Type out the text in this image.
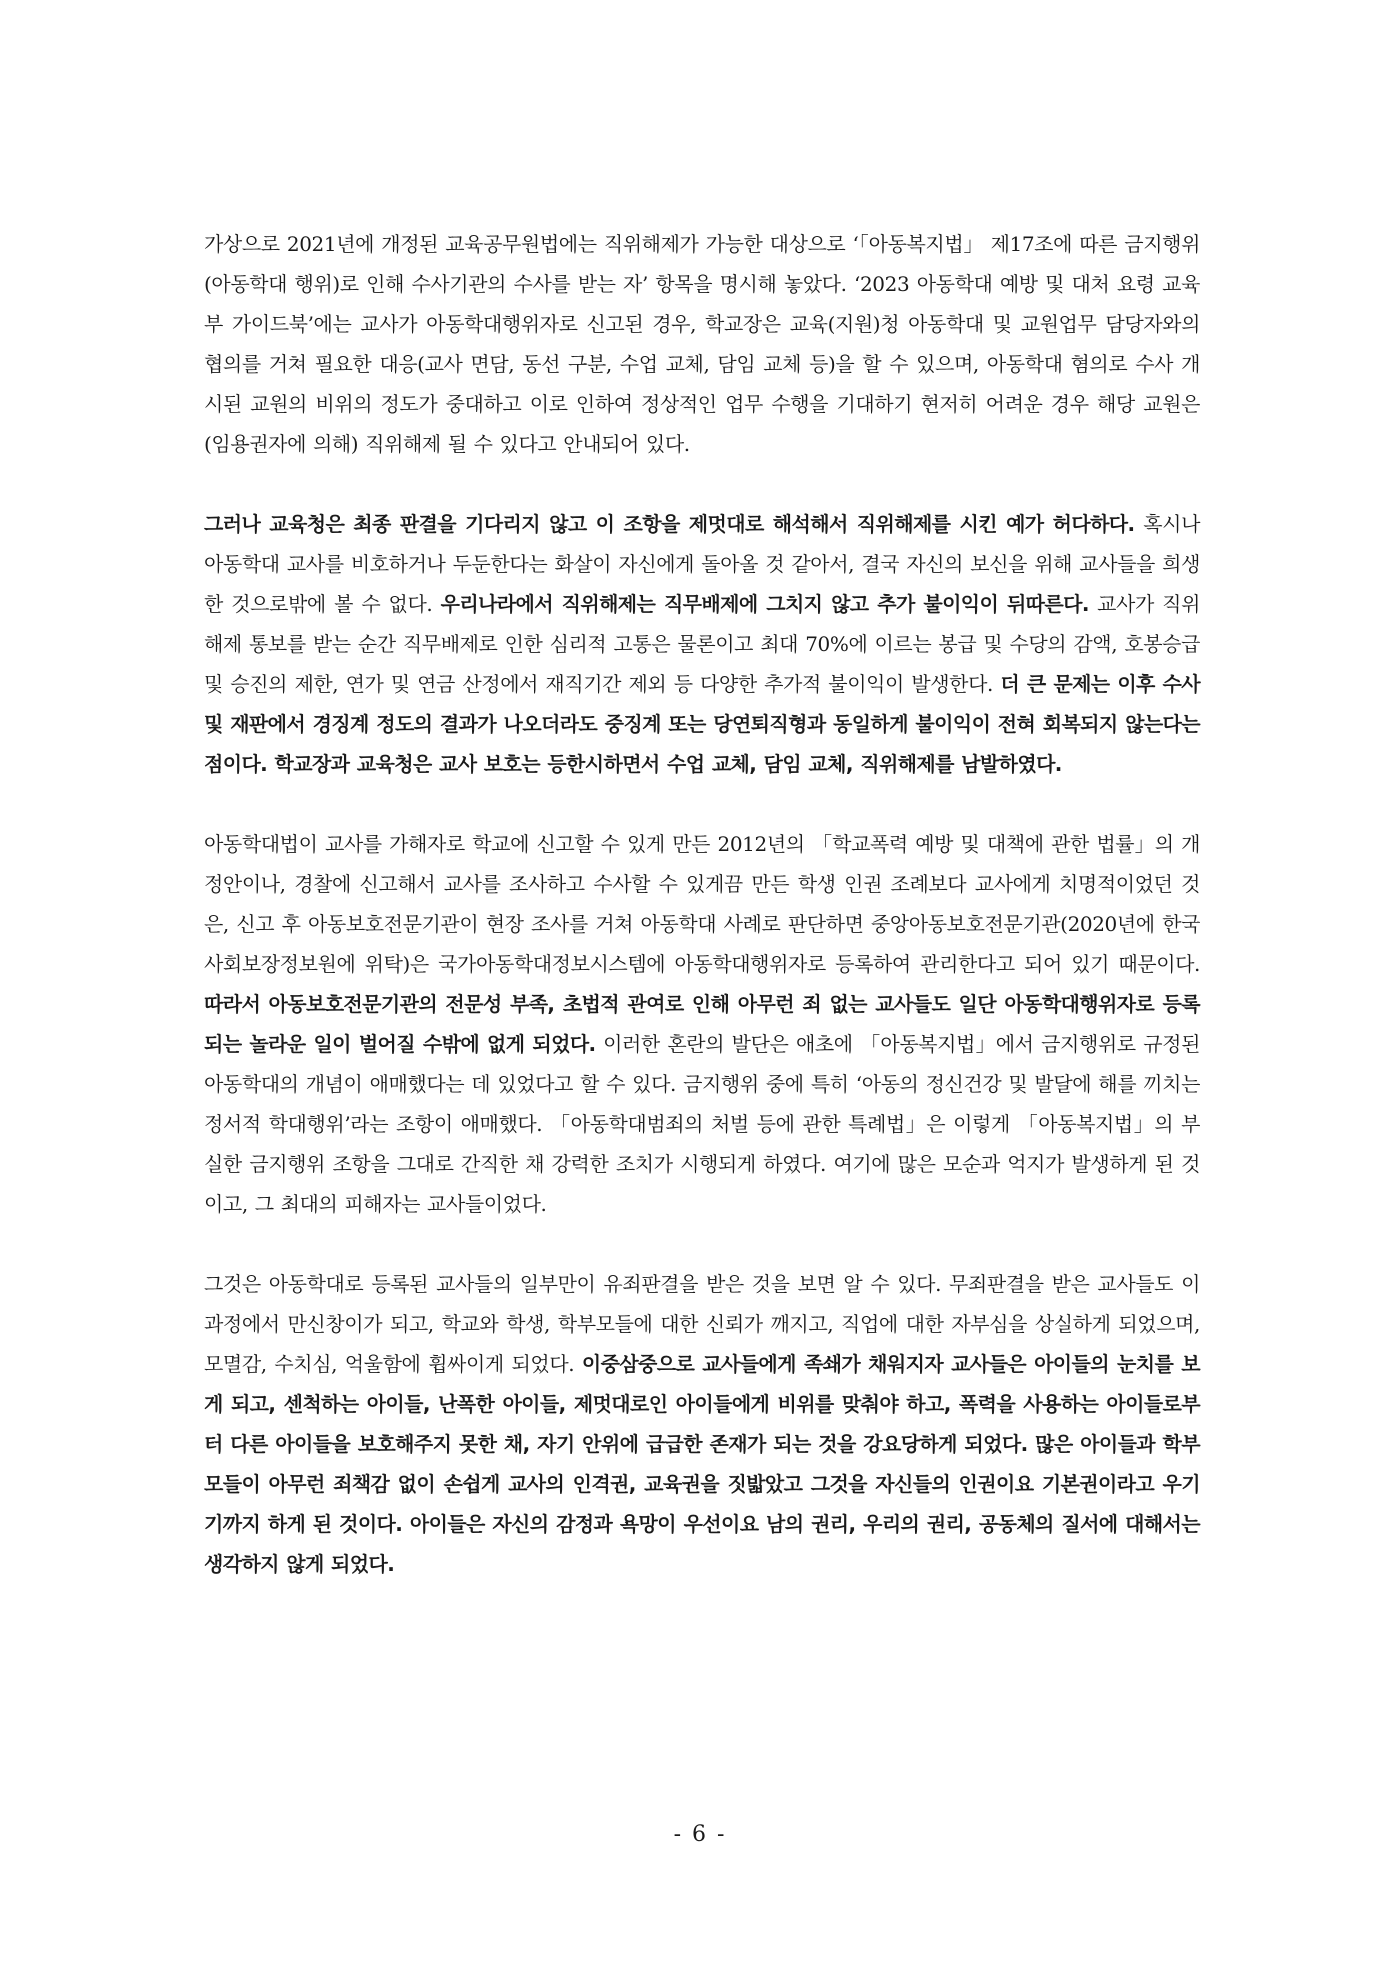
가상으로 2021년에 개정된 교육공무원법에는 직위해제가 가능한 대상으로 ‘「아동복지법」 제17조에 따른 금지행위(아동학대 행위)로 인해 수사기관의 수사를 받는 자’ 항목을 명시해 놓았다. ‘2023 아동학대 예방 및 대처 요령 교육부 가이드북’에는 교사가 아동학대행위자로 신고된 경우, 학교장은 교육(지원)청 아동학대 및 교원업무 담당자와의 협의를 거쳐 필요한 대응(교사 면담, 동선 구분, 수업 교체, 담임 교체 등)을 할 수 있으며, 아동학대 혐의로 수사 개시된 교원의 비위의 정도가 중대하고 이로 인하여 정상적인 업무 수행을 기대하기 현저히 어려운 경우 해당 교원은 (임용권자에 의해) 직위해제 될 수 있다고 안내되어 있다.

그러나 교육청은 최종 판결을 기다리지 않고 이 조항을 제멋대로 해석해서 직위해제를 시킨 예가 허다하다. 혹시나 아동학대 교사를 비호하거나 두둔한다는 화살이 자신에게 돌아올 것 같아서, 결국 자신의 보신을 위해 교사들을 희생한 것으로밖에 볼 수 없다. 우리나라에서 직위해제는 직무배제에 그치지 않고 추가 불이익이 뒤따른다. 교사가 직위해제 통보를 받는 순간 직무배제로 인한 심리적 고통은 물론이고 최대 70%에 이르는 봉급 및 수당의 감액, 호봉승급 및 승진의 제한, 연가 및 연금 산정에서 재직기간 제외 등 다양한 추가적 불이익이 발생한다. 더 큰 문제는 이후 수사 및 재판에서 경징계 정도의 결과가 나오더라도 중징계 또는 당연퇴직형과 동일하게 불이익이 전혀 회복되지 않는다는 점이다. 학교장과 교육청은 교사 보호는 등한시하면서 수업 교체, 담임 교체, 직위해제를 남발하였다.

아동학대법이 교사를 가해자로 학교에 신고할 수 있게 만든 2012년의 「학교폭력 예방 및 대책에 관한 법률」의 개정안이나, 경찰에 신고해서 교사를 조사하고 수사할 수 있게끔 만든 학생 인권 조례보다 교사에게 치명적이었던 것은, 신고 후 아동보호전문기관이 현장 조사를 거쳐 아동학대 사례로 판단하면 중앙아동보호전문기관(2020년에 한국사회보장정보원에 위탁)은 국가아동학대정보시스템에 아동학대행위자로 등록하여 관리한다고 되어 있기 때문이다. 따라서 아동보호전문기관의 전문성 부족, 초법적 관여로 인해 아무런 죄 없는 교사들도 일단 아동학대행위자로 등록되는 놀라운 일이 벌어질 수밖에 없게 되었다. 이러한 혼란의 발단은 애초에 「아동복지법」에서 금지행위로 규정된 아동학대의 개념이 애매했다는 데 있었다고 할 수 있다. 금지행위 중에 특히 ‘아동의 정신건강 및 발달에 해를 끼치는 정서적 학대행위’라는 조항이 애매했다. 「아동학대범죄의 처벌 등에 관한 특례법」은 이렇게 「아동복지법」의 부실한 금지행위 조항을 그대로 간직한 채 강력한 조치가 시행되게 하였다. 여기에 많은 모순과 억지가 발생하게 된 것이고, 그 최대의 피해자는 교사들이었다.

그것은 아동학대로 등록된 교사들의 일부만이 유죄판결을 받은 것을 보면 알 수 있다. 무죄판결을 받은 교사들도 이 과정에서 만신창이가 되고, 학교와 학생, 학부모들에 대한 신뢰가 깨지고, 직업에 대한 자부심을 상실하게 되었으며, 모멸감, 수치심, 억울함에 휩싸이게 되었다. 이중삼중으로 교사들에게 족쇄가 채워지자 교사들은 아이들의 눈치를 보게 되고, 센척하는 아이들, 난폭한 아이들, 제멋대로인 아이들에게 비위를 맞춰야 하고, 폭력을 사용하는 아이들로부터 다른 아이들을 보호해주지 못한 채, 자기 안위에 급급한 존재가 되는 것을 강요당하게 되었다. 많은 아이들과 학부모들이 아무런 죄책감 없이 손쉽게 교사의 인격권, 교육권을 짓밟았고 그것을 자신들의 인권이요 기본권이라고 우기기까지 하게 된 것이다. 아이들은 자신의 감정과 욕망이 우선이요 남의 권리, 우리의 권리, 공동체의 질서에 대해서는 생각하지 않게 되었다.

- 6 -
